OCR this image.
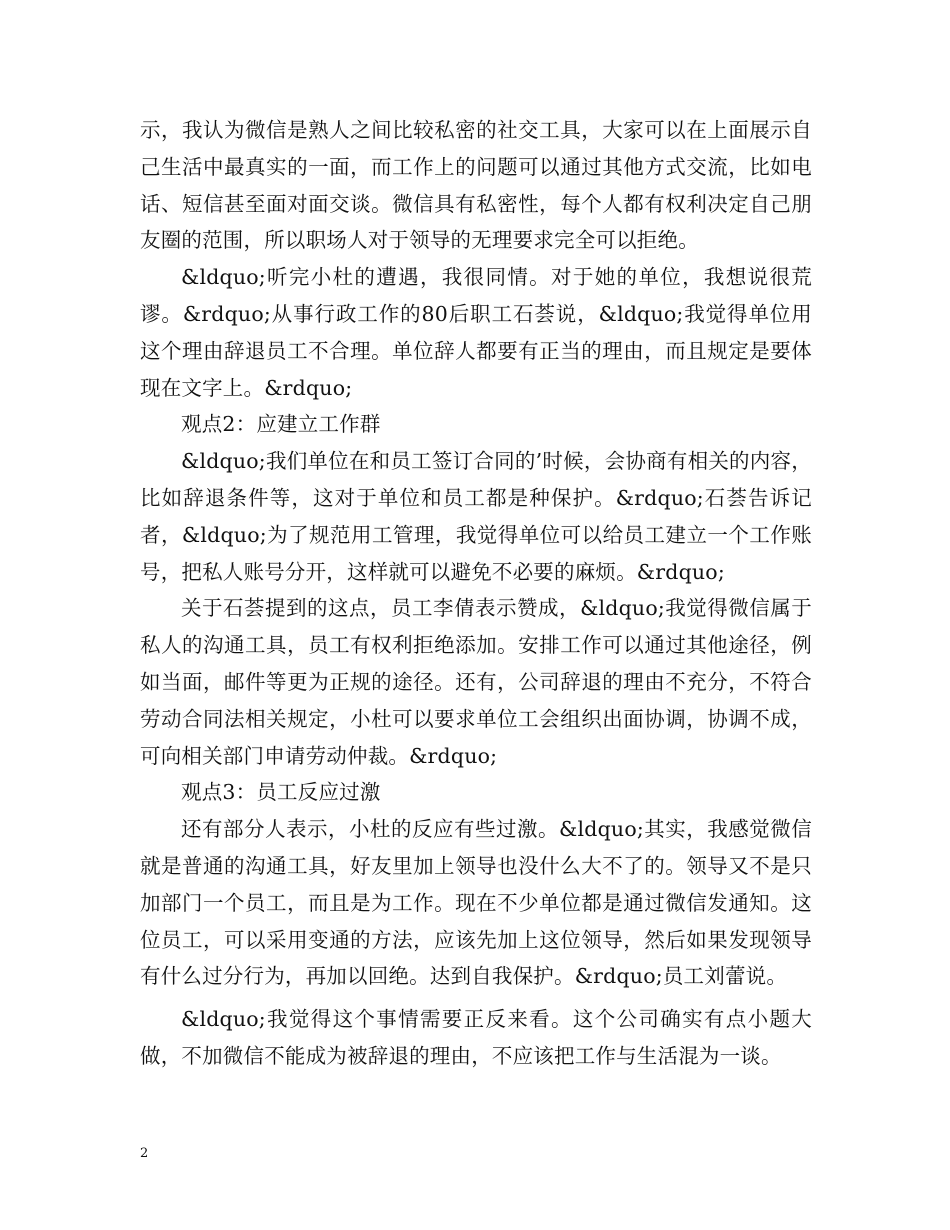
示，我认为微信是熟人之间比较私密的社交工具，大家可以在上面展示自己生活中最真实的一面，而工作上的问题可以通过其他方式交流，比如电话、短信甚至面对面交谈。微信具有私密性，每个人都有权利决定自己朋友圈的范围，所以职场人对于领导的无理要求完全可以拒绝。

&ldquo;听完小杜的遭遇，我很同情。对于她的单位，我想说很荒谬。&rdquo;从事行政工作的80后职工石荟说，&ldquo;我觉得单位用这个理由辞退员工不合理。单位辞人都要有正当的理由，而且规定是要体现在文字上。&rdquo;

观点2：应建立工作群

&ldquo;我们单位在和员工签订合同的’时候，会协商有相关的内容，比如辞退条件等，这对于单位和员工都是种保护。&rdquo;石荟告诉记者，&ldquo;为了规范用工管理，我觉得单位可以给员工建立一个工作账号，把私人账号分开，这样就可以避免不必要的麻烦。&rdquo;

关于石荟提到的这点，员工李倩表示赞成，&ldquo;我觉得微信属于私人的沟通工具，员工有权利拒绝添加。安排工作可以通过其他途径，例如当面，邮件等更为正规的途径。还有，公司辞退的理由不充分，不符合劳动合同法相关规定，小杜可以要求单位工会组织出面协调，协调不成，可向相关部门申请劳动仲裁。&rdquo;

观点3：员工反应过激

还有部分人表示，小杜的反应有些过激。&ldquo;其实，我感觉微信就是普通的沟通工具，好友里加上领导也没什么大不了的。领导又不是只加部门一个员工，而且是为工作。现在不少单位都是通过微信发通知。这位员工，可以采用变通的方法，应该先加上这位领导，然后如果发现领导有什么过分行为，再加以回绝。达到自我保护。&rdquo;员工刘蕾说。

&ldquo;我觉得这个事情需要正反来看。这个公司确实有点小题大做，不加微信不能成为被辞退的理由，不应该把工作与生活混为一谈。

2
